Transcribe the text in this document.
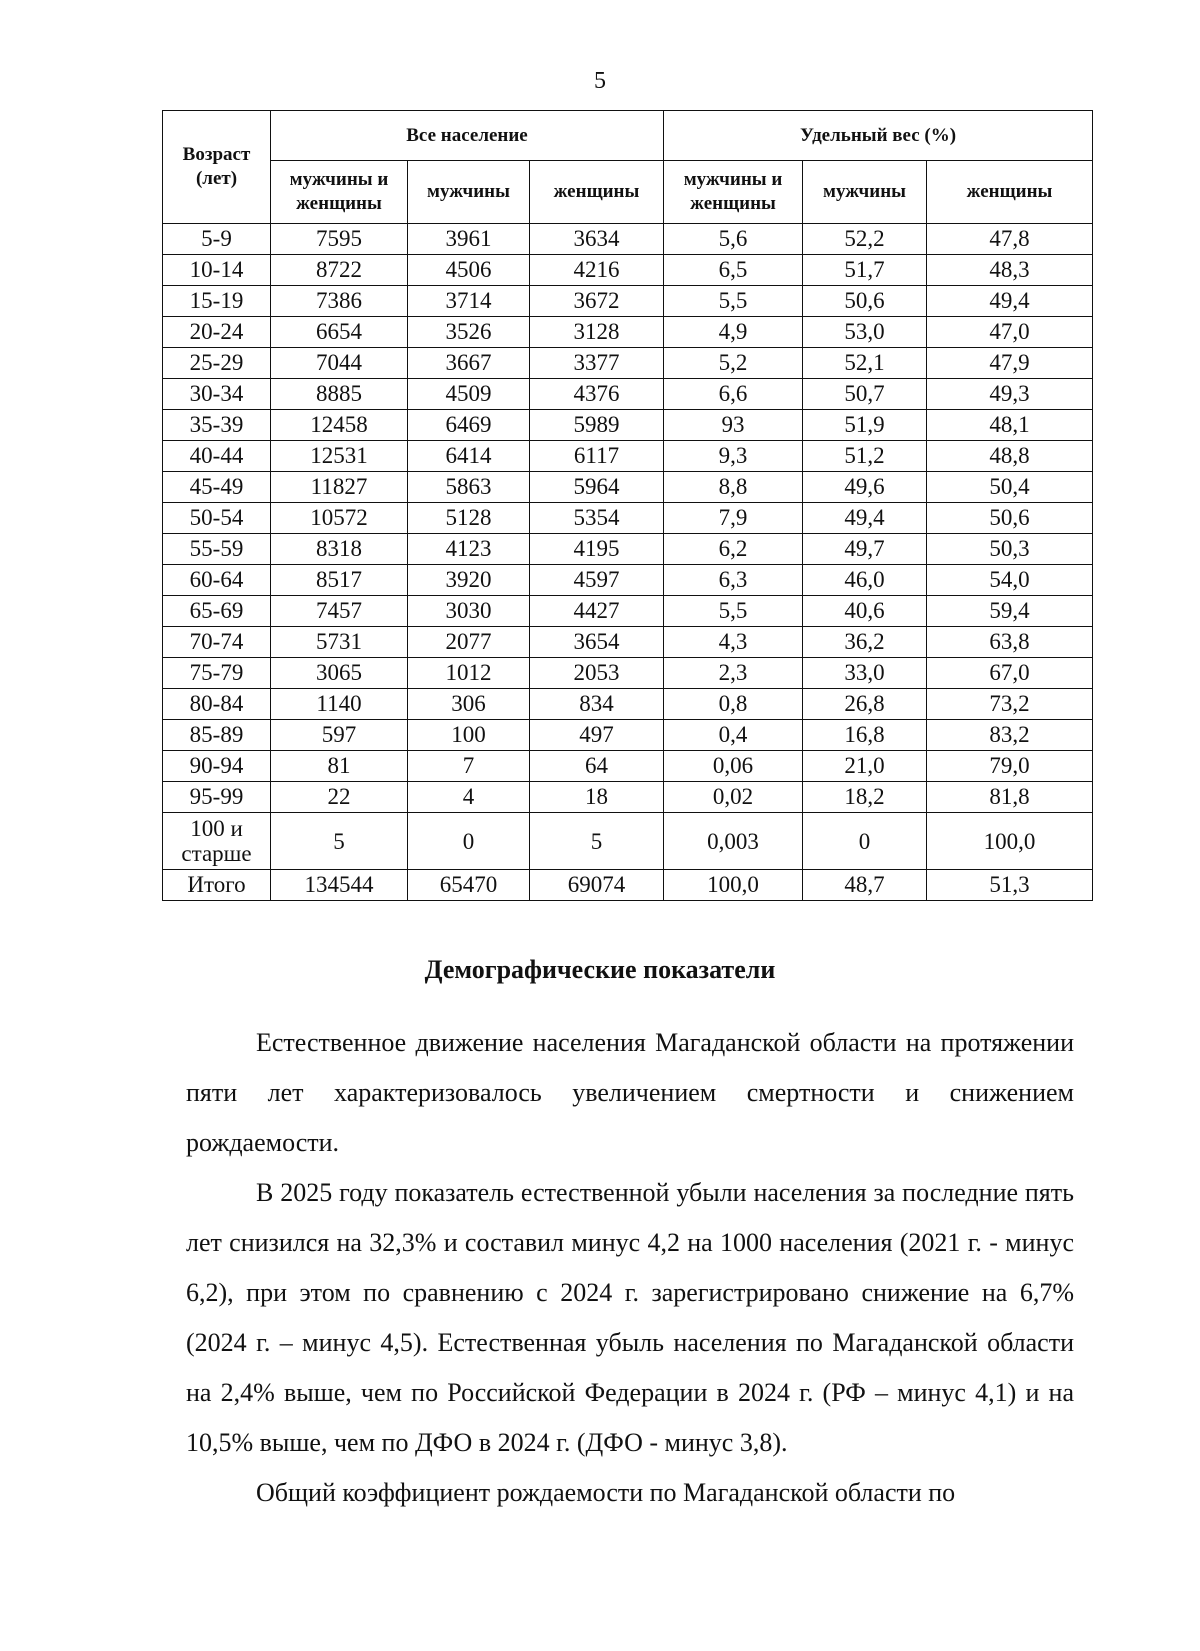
5
Возраст (лет)	Все население			Удельный вес (%)		
	мужчины и женщины	мужчины	женщины	мужчины и женщины	мужчины	женщины
5-9	7595	3961	3634	5,6	52,2	47,8
10-14	8722	4506	4216	6,5	51,7	48,3
15-19	7386	3714	3672	5,5	50,6	49,4
20-24	6654	3526	3128	4,9	53,0	47,0
25-29	7044	3667	3377	5,2	52,1	47,9
30-34	8885	4509	4376	6,6	50,7	49,3
35-39	12458	6469	5989	93	51,9	48,1
40-44	12531	6414	6117	9,3	51,2	48,8
45-49	11827	5863	5964	8,8	49,6	50,4
50-54	10572	5128	5354	7,9	49,4	50,6
55-59	8318	4123	4195	6,2	49,7	50,3
60-64	8517	3920	4597	6,3	46,0	54,0
65-69	7457	3030	4427	5,5	40,6	59,4
70-74	5731	2077	3654	4,3	36,2	63,8
75-79	3065	1012	2053	2,3	33,0	67,0
80-84	1140	306	834	0,8	26,8	73,2
85-89	597	100	497	0,4	16,8	83,2
90-94	81	7	64	0,06	21,0	79,0
95-99	22	4	18	0,02	18,2	81,8
100 и старше	5	0	5	0,003	0	100,0
Итого	134544	65470	69074	100,0	48,7	51,3
Демографические показатели

Естественное движение населения Магаданской области на протяжении пяти лет характеризовалось увеличением смертности и снижением рождаемости.

В 2025 году показатель естественной убыли населения за последние пять лет снизился на 32,3% и составил минус 4,2 на 1000 населения (2021 г. - минус 6,2), при этом по сравнению с 2024 г. зарегистрировано снижение на 6,7% (2024 г. – минус 4,5). Естественная убыль населения по Магаданской области на 2,4% выше, чем по Российской Федерации в 2024 г. (РФ – минус 4,1) и на 10,5% выше, чем по ДФО в 2024 г. (ДФО - минус 3,8).

Общий коэффициент рождаемости по Магаданской области по
